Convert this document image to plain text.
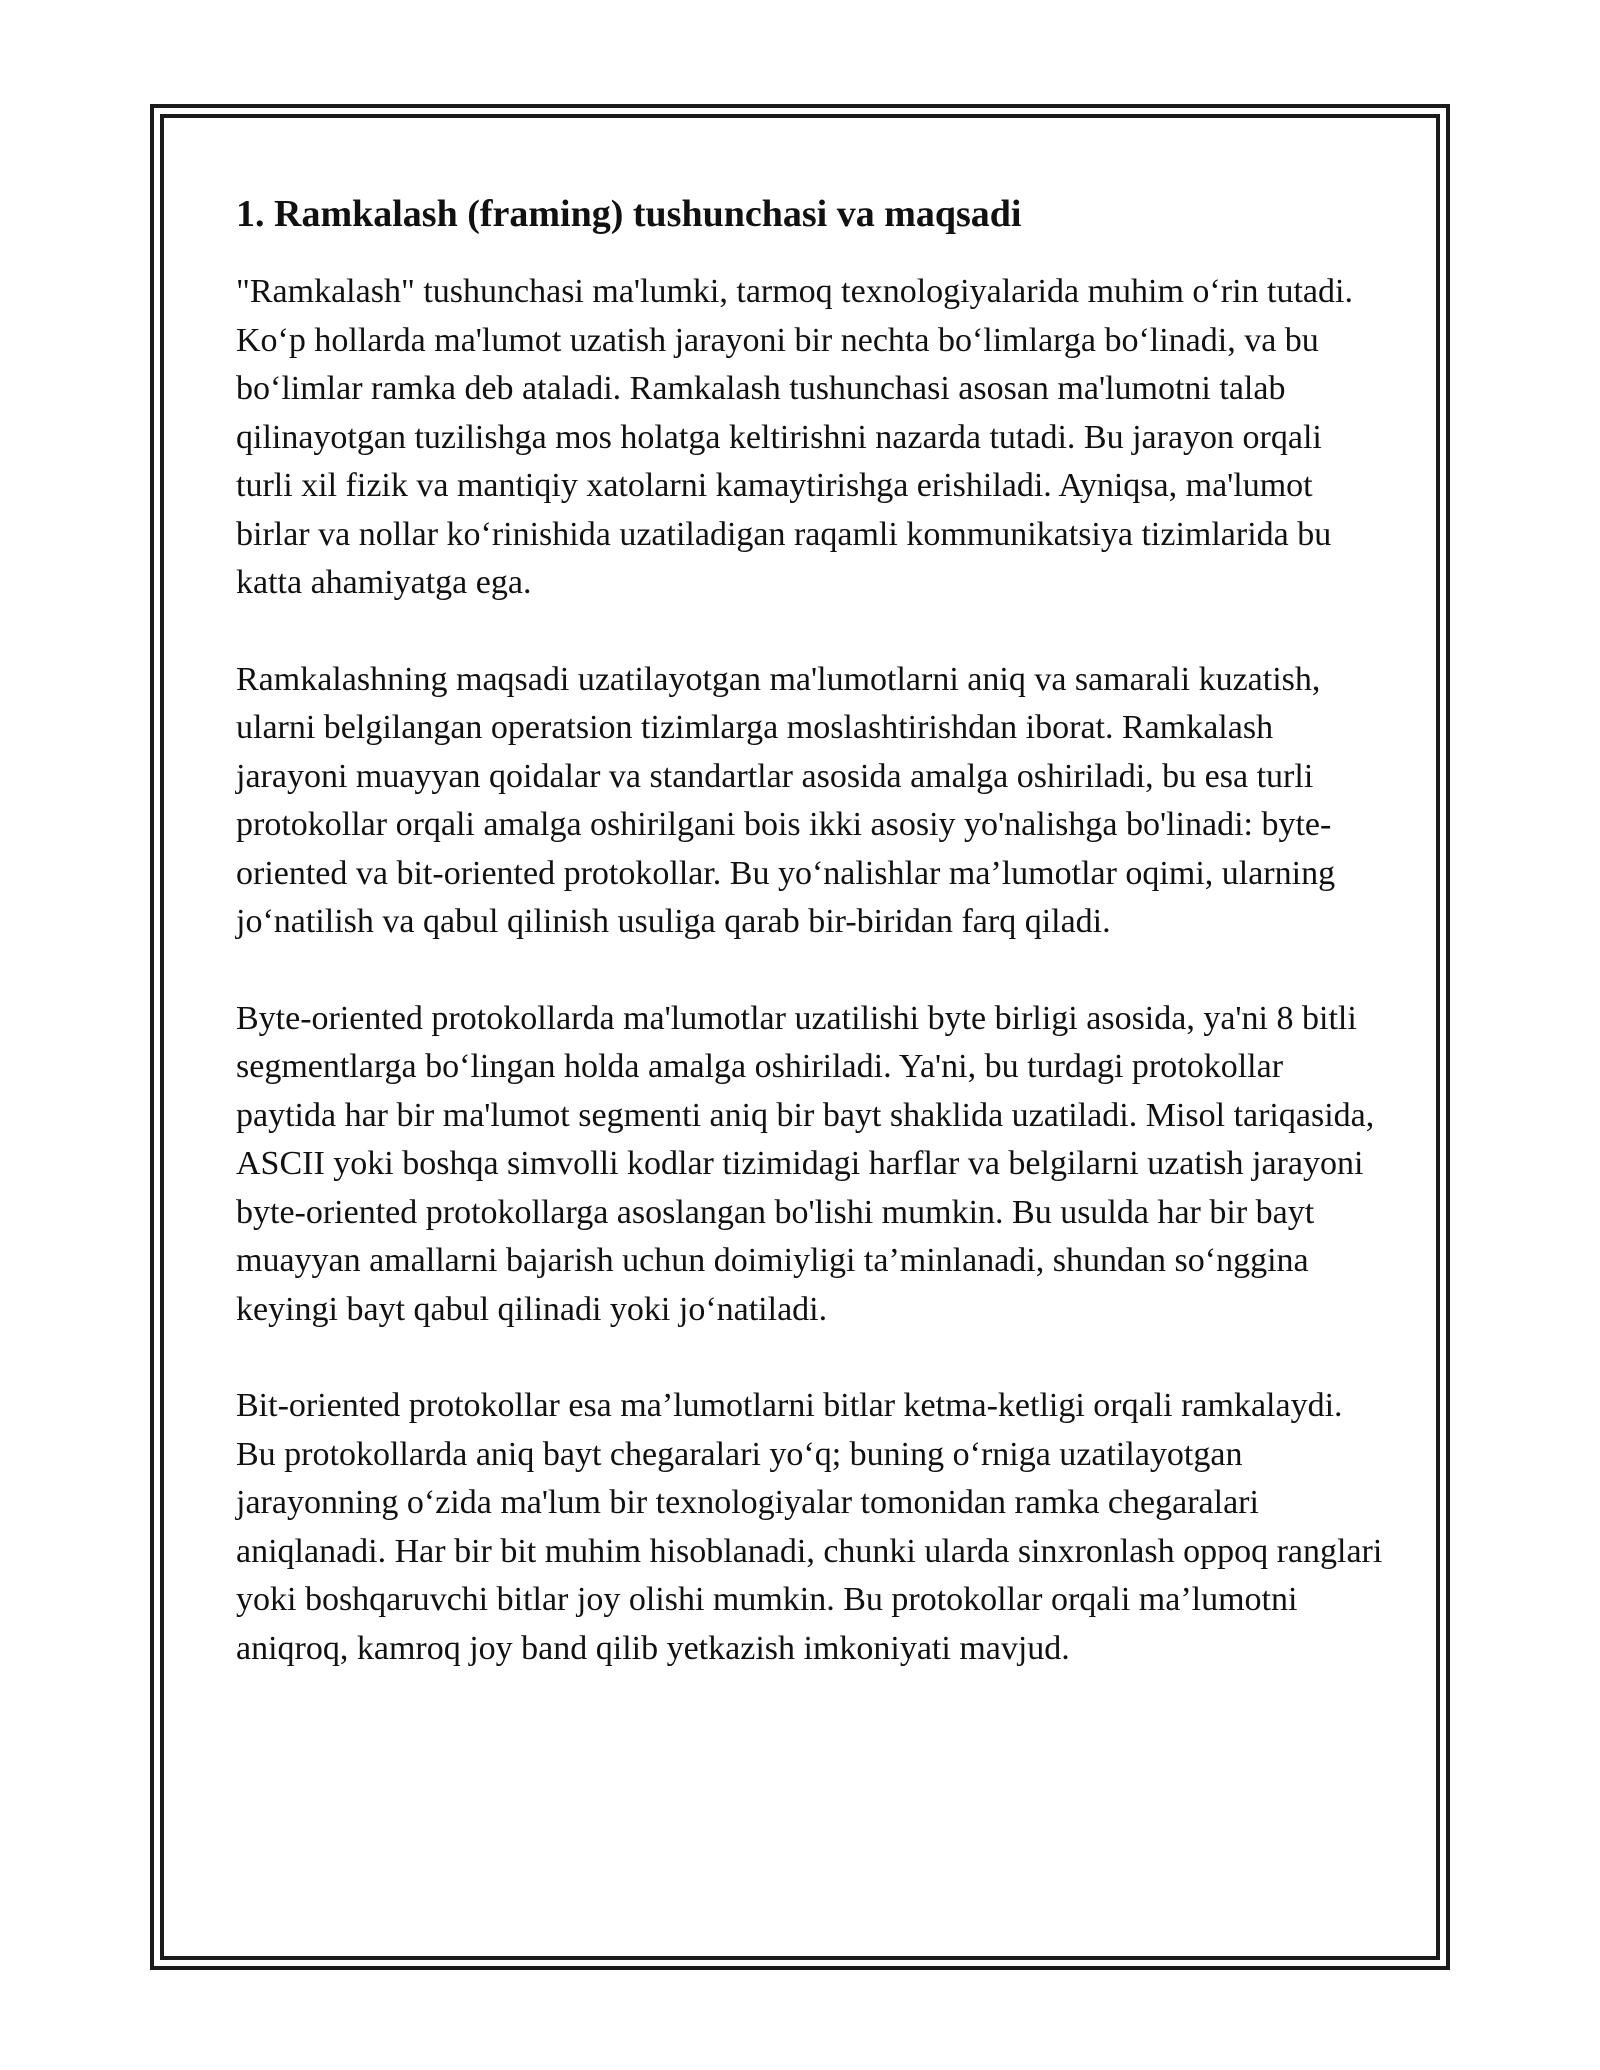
1. Ramkalash (framing) tushunchasi va maqsadi

"Ramkalash" tushunchasi ma'lumki, tarmoq texnologiyalarida muhim o‘rin tutadi. Ko‘p hollarda ma'lumot uzatish jarayoni bir nechta bo‘limlarga bo‘linadi, va bu bo‘limlar ramka deb ataladi. Ramkalash tushunchasi asosan ma'lumotni talab qilinayotgan tuzilishga mos holatga keltirishni nazarda tutadi. Bu jarayon orqali turli xil fizik va mantiqiy xatolarni kamaytirishga erishiladi. Ayniqsa, ma'lumot birlar va nollar ko‘rinishida uzatiladigan raqamli kommunikatsiya tizimlarida bu katta ahamiyatga ega.

Ramkalashning maqsadi uzatilayotgan ma'lumotlarni aniq va samarali kuzatish, ularni belgilangan operatsion tizimlarga moslashtirishdan iborat. Ramkalash jarayoni muayyan qoidalar va standartlar asosida amalga oshiriladi, bu esa turli protokollar orqali amalga oshirilgani bois ikki asosiy yo'nalishga bo'linadi: byte-oriented va bit-oriented protokollar. Bu yo‘nalishlar ma’lumotlar oqimi, ularning jo‘natilish va qabul qilinish usuliga qarab bir-biridan farq qiladi.

Byte-oriented protokollarda ma'lumotlar uzatilishi byte birligi asosida, ya'ni 8 bitli segmentlarga bo‘lingan holda amalga oshiriladi. Ya'ni, bu turdagi protokollar paytida har bir ma'lumot segmenti aniq bir bayt shaklida uzatiladi. Misol tariqasida, ASCII yoki boshqa simvolli kodlar tizimidagi harflar va belgilarni uzatish jarayoni byte-oriented protokollarga asoslangan bo'lishi mumkin. Bu usulda har bir bayt muayyan amallarni bajarish uchun doimiyligi ta’minlanadi, shundan so‘nggina keyingi bayt qabul qilinadi yoki jo‘natiladi.

Bit-oriented protokollar esa ma’lumotlarni bitlar ketma-ketligi orqali ramkalaydi. Bu protokollarda aniq bayt chegaralari yo‘q; buning o‘rniga uzatilayotgan jarayonning o‘zida ma'lum bir texnologiyalar tomonidan ramka chegaralari aniqlanadi. Har bir bit muhim hisoblanadi, chunki ularda sinxronlash oppoq ranglari yoki boshqaruvchi bitlar joy olishi mumkin. Bu protokollar orqali ma’lumotni aniqroq, kamroq joy band qilib yetkazish imkoniyati mavjud.
